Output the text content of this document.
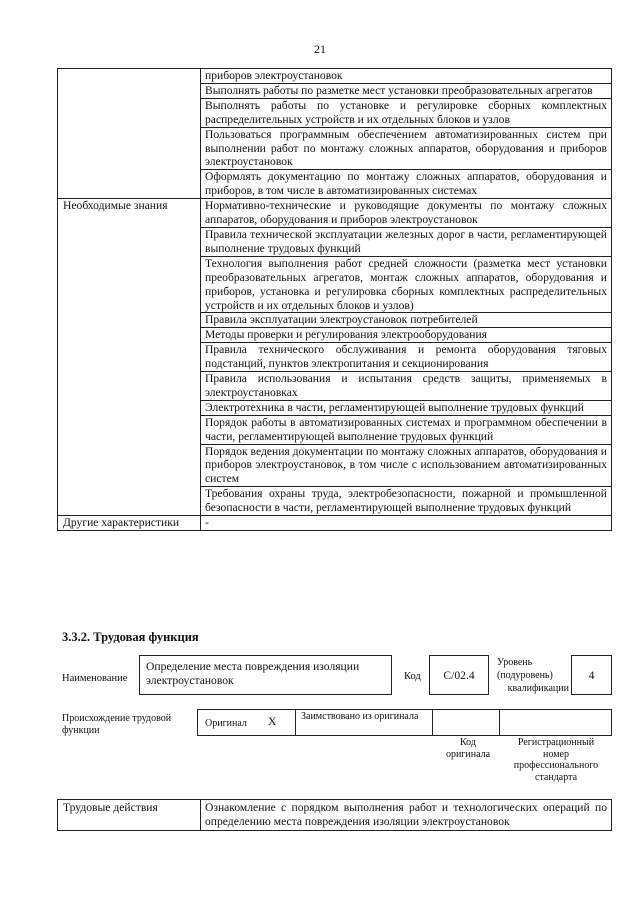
21
	приборов электроустановок
	Выполнять работы по разметке мест установки преобразовательных агрегатов
	Выполнять работы по установке и регулировке сборных комплектных распределительных устройств и их отдельных блоков и узлов
	Пользоваться программным обеспечением автоматизированных систем при выполнении работ по монтажу сложных аппаратов, оборудования и приборов электроустановок
	Оформлять документацию по монтажу сложных аппаратов, оборудования и приборов, в том числе в автоматизированных системах
Необходимые знания	Нормативно-технические и руководящие документы по монтажу сложных аппаратов, оборудования и приборов электроустановок
	Правила технической эксплуатации железных дорог в части, регламентирующей выполнение трудовых функций
	Технология выполнения работ средней сложности (разметка мест установки преобразовательных агрегатов, монтаж сложных аппаратов, оборудования и приборов, установка и регулировка сборных комплектных распределительных устройств и их отдельных блоков и узлов)
	Правила эксплуатации электроустановок потребителей
	Методы проверки и регулирования электрооборудования
	Правила технического обслуживания и ремонта оборудования тяговых подстанций, пунктов электропитания и секционирования
	Правила использования и испытания средств защиты, применяемых в электроустановках
	Электротехника в части, регламентирующей выполнение трудовых функций
	Порядок работы в автоматизированных системах и программном обеспечении в части, регламентирующей выполнение трудовых функций
	Порядок ведения документации по монтажу сложных аппаратов, оборудования и приборов электроустановок, в том числе с использованием автоматизированных систем
	Требования охраны труда, электробезопасности, пожарной и промышленной безопасности в части, регламентирующей выполнение трудовых функций
Другие характеристики	-
3.3.2. Трудовая функция
Наименование
Определение места повреждения изоляции электроустановок	Код	C/02.4
Уровень
(подуровень)
квалификации
4
Происхождение трудовой функции
Оригинал X	Заимствовано из оригинала
Код оригинала
Регистрационный номер профессионального стандарта
Трудовые действия	Ознакомление с порядком выполнения работ и технологических операций по определению места повреждения изоляции электроустановок
